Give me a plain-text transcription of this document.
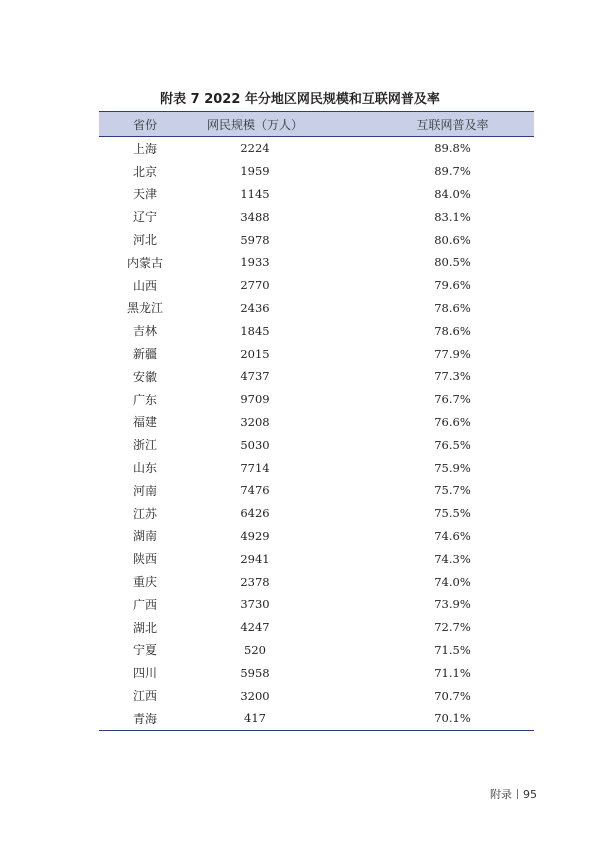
附表 7 2022 年分地区网民规模和互联网普及率
省份	网民规模（万人）	互联网普及率
上海	2224	89.8%
北京	1959	89.7%
天津	1145	84.0%
辽宁	3488	83.1%
河北	5978	80.6%
内蒙古	1933	80.5%
山西	2770	79.6%
黑龙江	2436	78.6%
吉林	1845	78.6%
新疆	2015	77.9%
安徽	4737	77.3%
广东	9709	76.7%
福建	3208	76.6%
浙江	5030	76.5%
山东	7714	75.9%
河南	7476	75.7%
江苏	6426	75.5%
湖南	4929	74.6%
陕西	2941	74.3%
重庆	2378	74.0%
广西	3730	73.9%
湖北	4247	72.7%
宁夏	520	71.5%
四川	5958	71.1%
江西	3200	70.7%
青海	417	70.1%
附录 95
